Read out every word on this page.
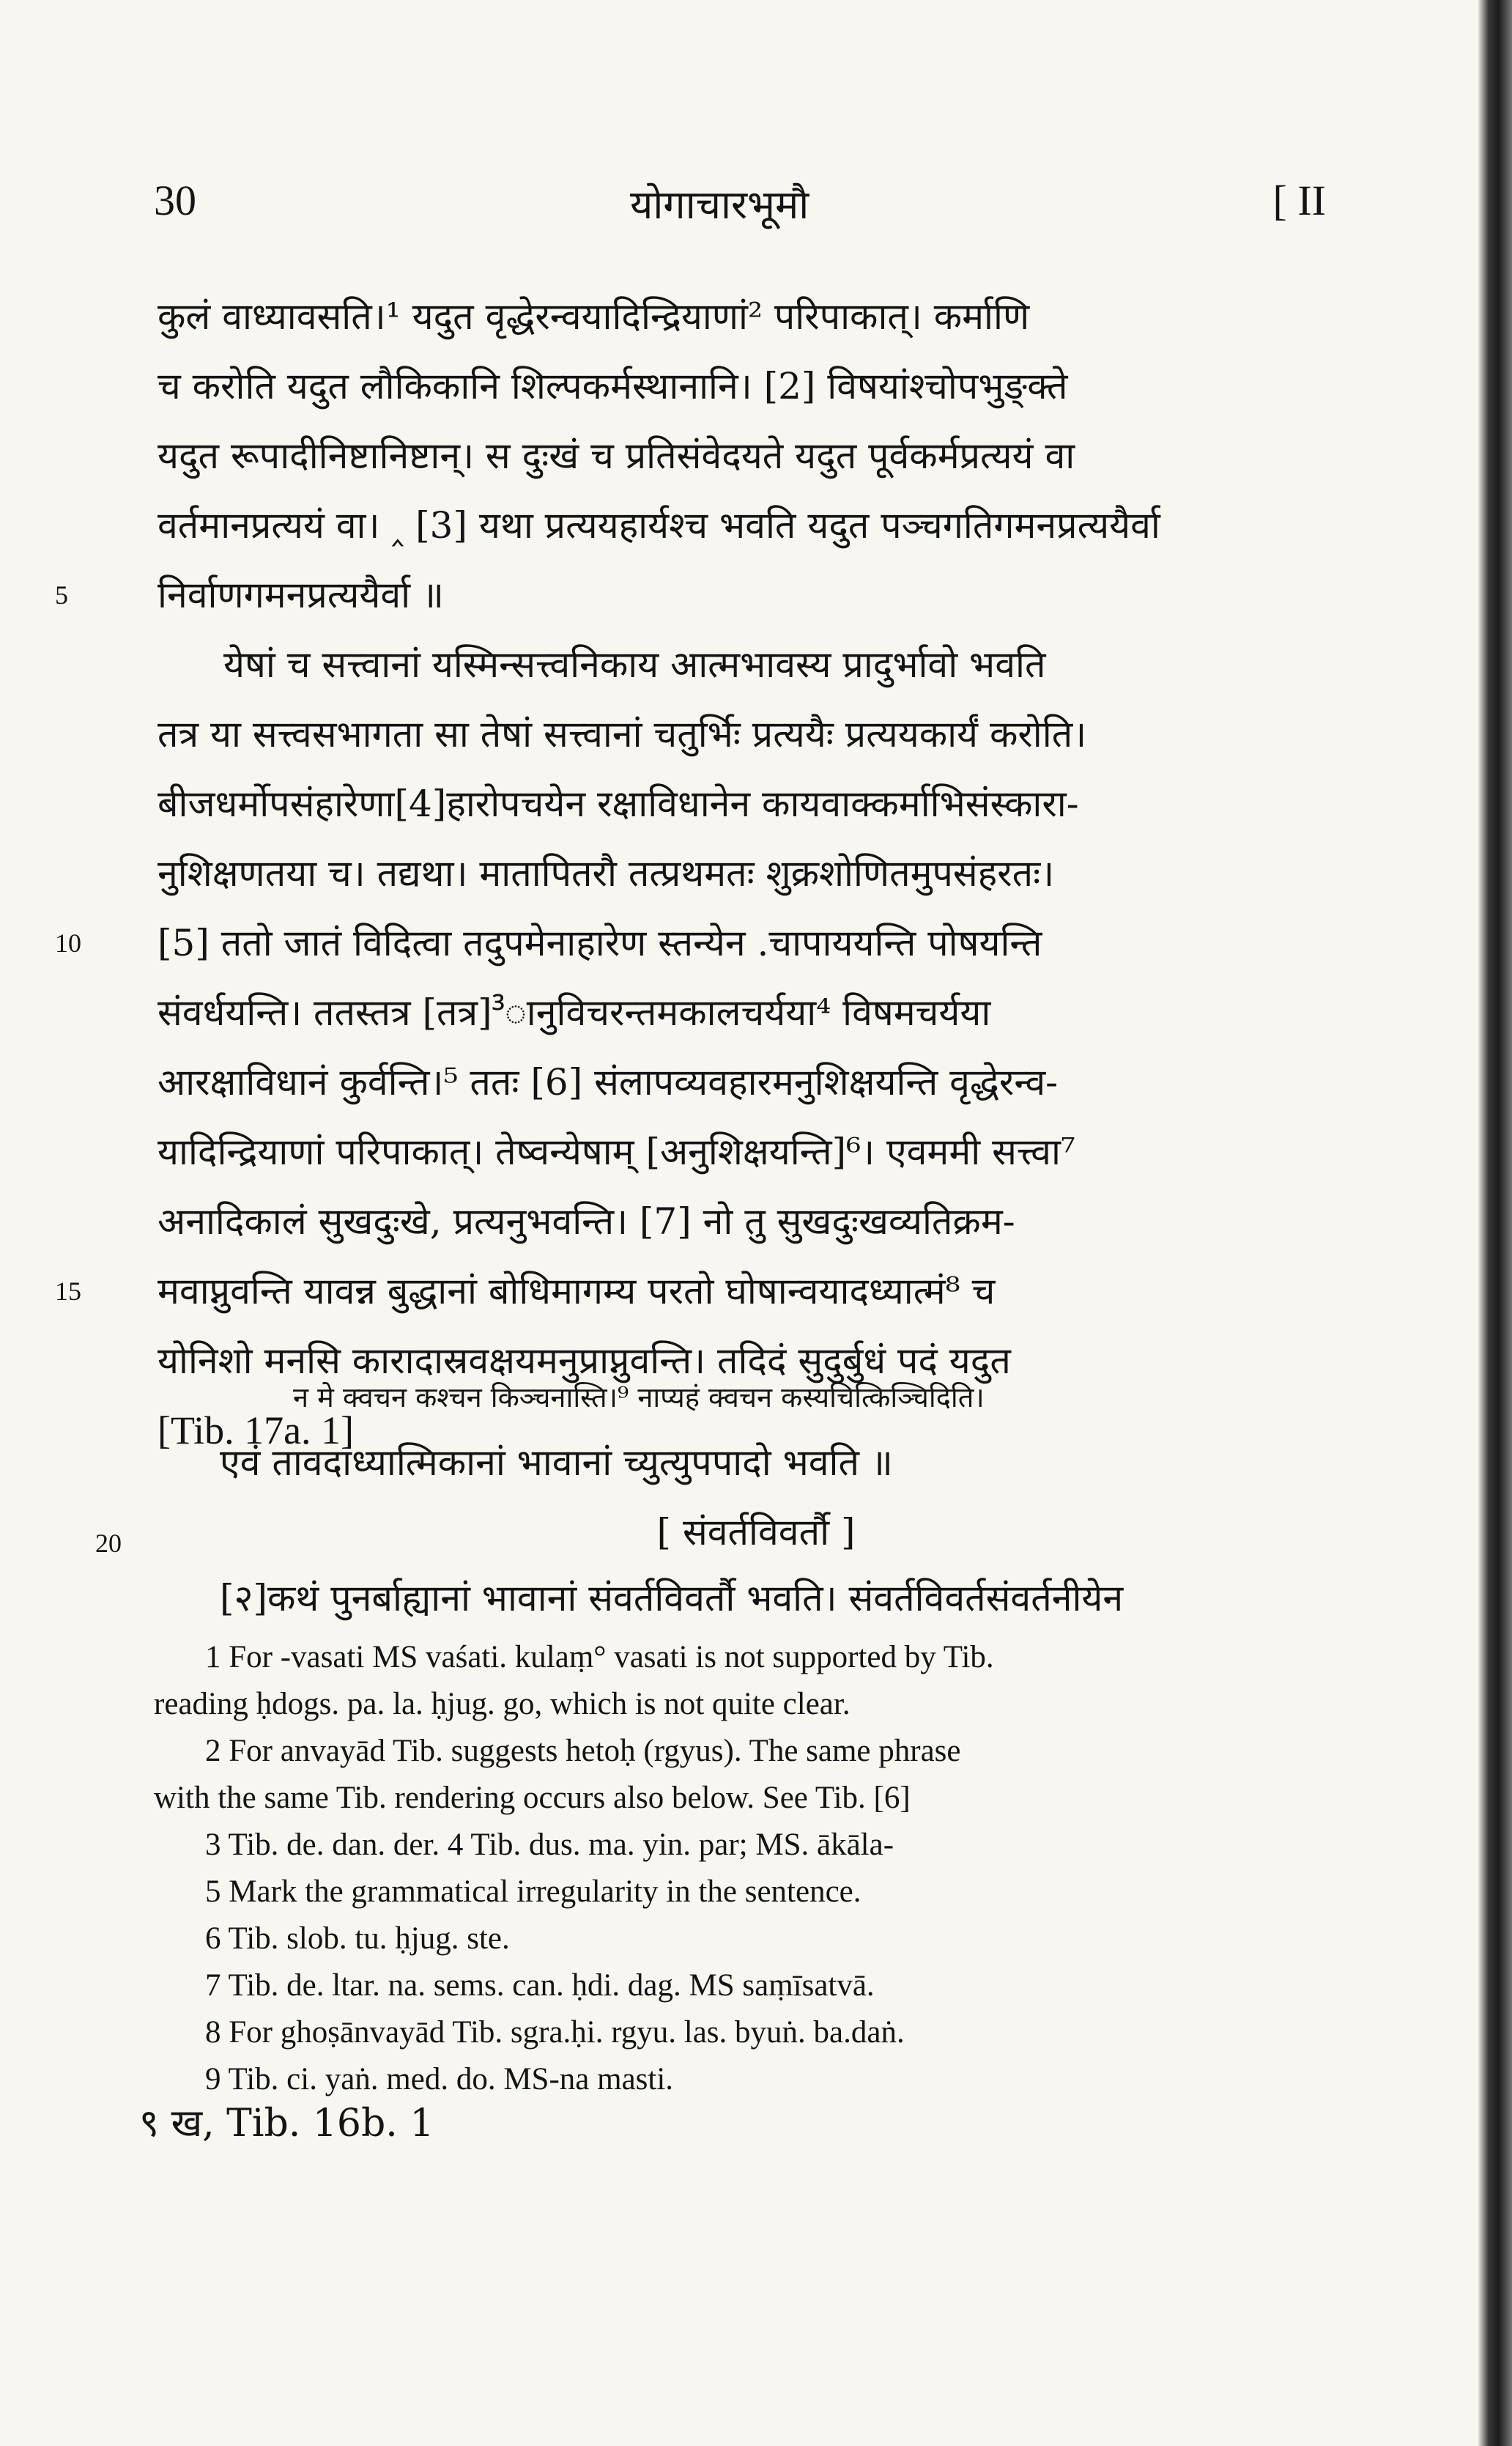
30	योगाचारभूमौ	[ II
कुलं वाध्यावसति।¹ यदुत वृद्धेरन्वयादिन्द्रियाणां² परिपाकात्। कर्माणि
च करोति यदुत लौकिकानि शिल्पकर्मस्थानानि। [2] विषयांश्चोपभुङ्क्ते
यदुत रूपादीनिष्टानिष्टान्। स दुःखं च प्रतिसंवेदयते यदुत पूर्वकर्मप्रत्ययं वा
वर्तमानप्रत्ययं वा। ‸ [3] यथा प्रत्ययहार्यश्च भवति यदुत पञ्चगतिगमनप्रत्ययैर्वा
5 निर्वाणगमनप्रत्ययैर्वा ॥
येषां च सत्त्वानां यस्मिन्सत्त्वनिकाय आत्मभावस्य प्रादुर्भावो भवति
तत्र या सत्त्वसभागता सा तेषां सत्त्वानां चतुर्भिः प्रत्ययैः प्रत्ययकार्यं करोति।
बीजधर्मोपसंहारेणा[4]हारोपचयेन रक्षाविधानेन कायवाक्कर्माभिसंस्कारा-
नुशिक्षणतया च। तद्यथा। मातापितरौ तत्प्रथमतः शुक्रशोणितमुपसंहरतः।
10 [5] ततो जातं विदित्वा तदुपमेनाहारेण स्तन्येन .चापाययन्ति पोषयन्ति
संवर्धयन्ति। ततस्तत्र [तत्र]³ानुविचरन्तमकालचर्यया⁴ विषमचर्यया
आरक्षाविधानं कुर्वन्ति।⁵ ततः [6] संलापव्यवहारमनुशिक्षयन्ति वृद्धेरन्व-
यादिन्द्रियाणां परिपाकात्। तेष्वन्येषाम् [अनुशिक्षयन्ति]⁶। एवममी सत्त्वा⁷
अनादिकालं सुखदुःखे, प्रत्यनुभवन्ति। [7] नो तु सुखदुःखव्यतिक्रम-
15 मवाप्नुवन्ति यावन्न बुद्धानां बोधिमागम्य परतो घोषान्वयादध्यात्मं⁸ च
योनिशो मनसि कारादास्रवक्षयमनुप्राप्नुवन्ति। तदिदं सुदुर्बुधं पदं यदुत
[Tib. 17a. 1]
न मे क्वचन कश्चन किञ्चनास्ति।⁹ नाप्यहं क्वचन कस्यचित्किञ्चिदिति।
एवं तावदाध्यात्मिकानां भावानां च्युत्युपपादो भवति ॥
20	[ संवर्तविवर्तौ ]
[२]कथं पुनर्बाह्यानां भावानां संवर्तविवर्तौ भवति। संवर्तविवर्तसंवर्तनीयेन
1 For -vasati MS vaśati. kulaṃ° vasati is not supported by Tib.
reading ḥdogs. pa. la. ḥjug. go, which is not quite clear.
2 For anvayād Tib. suggests hetoḥ (rgyus). The same phrase
with the same Tib. rendering occurs also below. See Tib. [6]
3 Tib. de. dan. der. 4 Tib. dus. ma. yin. par; MS. ākāla-
5 Mark the grammatical irregularity in the sentence.
6 Tib. slob. tu. ḥjug. ste.
7 Tib. de. ltar. na. sems. can. ḥdi. dag. MS saṃīsatvā.
8 For ghoṣānvayād Tib. sgra.ḥi. rgyu. las. byuṅ. ba.daṅ.
9 Tib. ci. yaṅ. med. do. MS-na masti.
९ ख, Tib. 16b. 1
